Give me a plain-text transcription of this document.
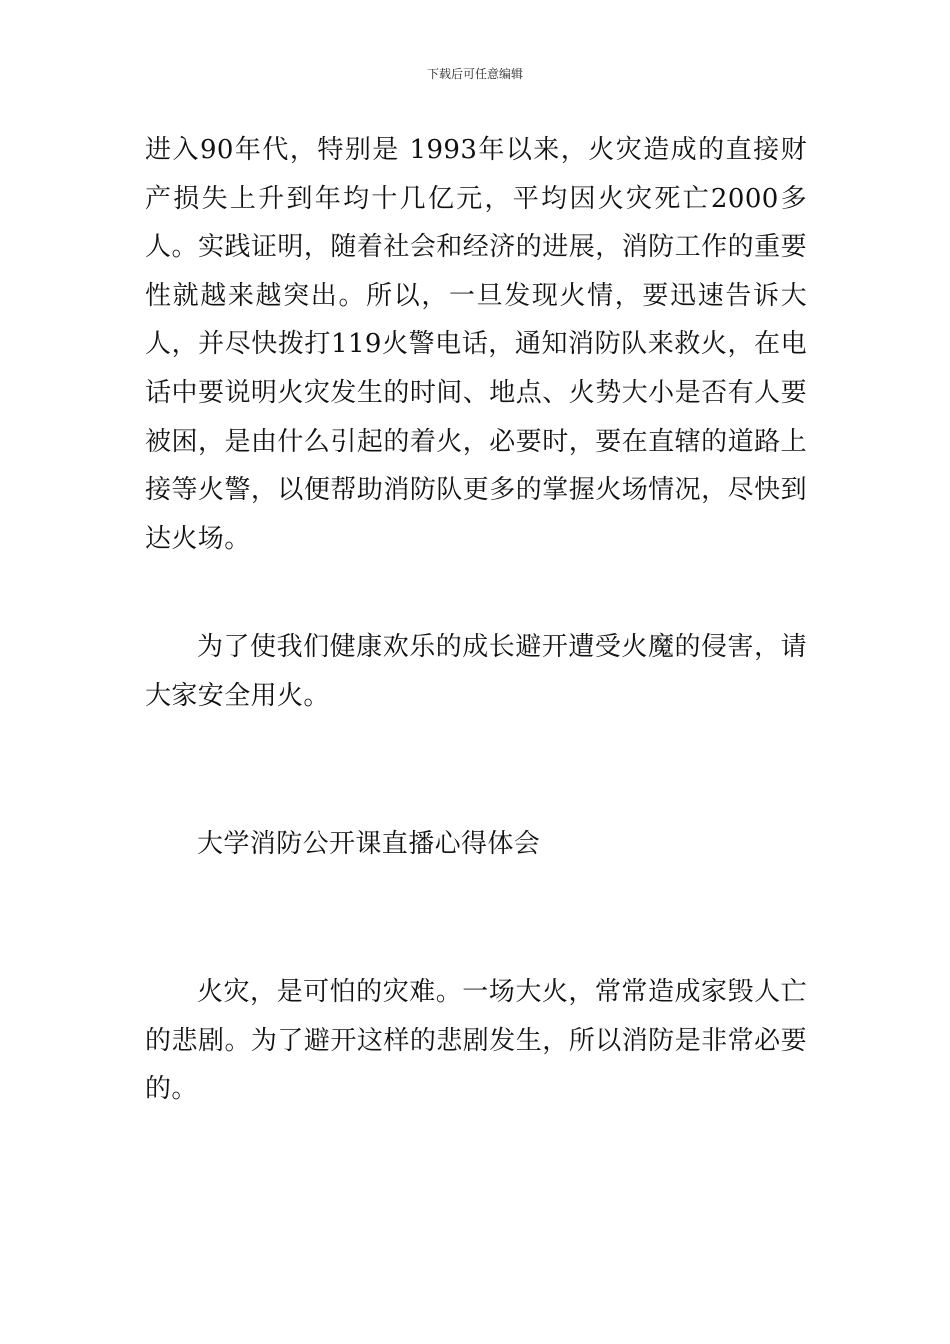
下载后可任意编辑

进入90年代，特别是 1993年以来，火灾造成的直接财产损失上升到年均十几亿元，平均因火灾死亡2000多人。实践证明，随着社会和经济的进展，消防工作的重要性就越来越突出。所以，一旦发现火情，要迅速告诉大人，并尽快拨打119火警电话，通知消防队来救火，在电话中要说明火灾发生的时间、地点、火势大小是否有人要被困，是由什么引起的着火，必要时，要在直辖的道路上接等火警，以便帮助消防队更多的掌握火场情况，尽快到达火场。

为了使我们健康欢乐的成长避开遭受火魔的侵害，请大家安全用火。

大学消防公开课直播心得体会

火灾，是可怕的灾难。一场大火，常常造成家毁人亡的悲剧。为了避开这样的悲剧发生，所以消防是非常必要的。
